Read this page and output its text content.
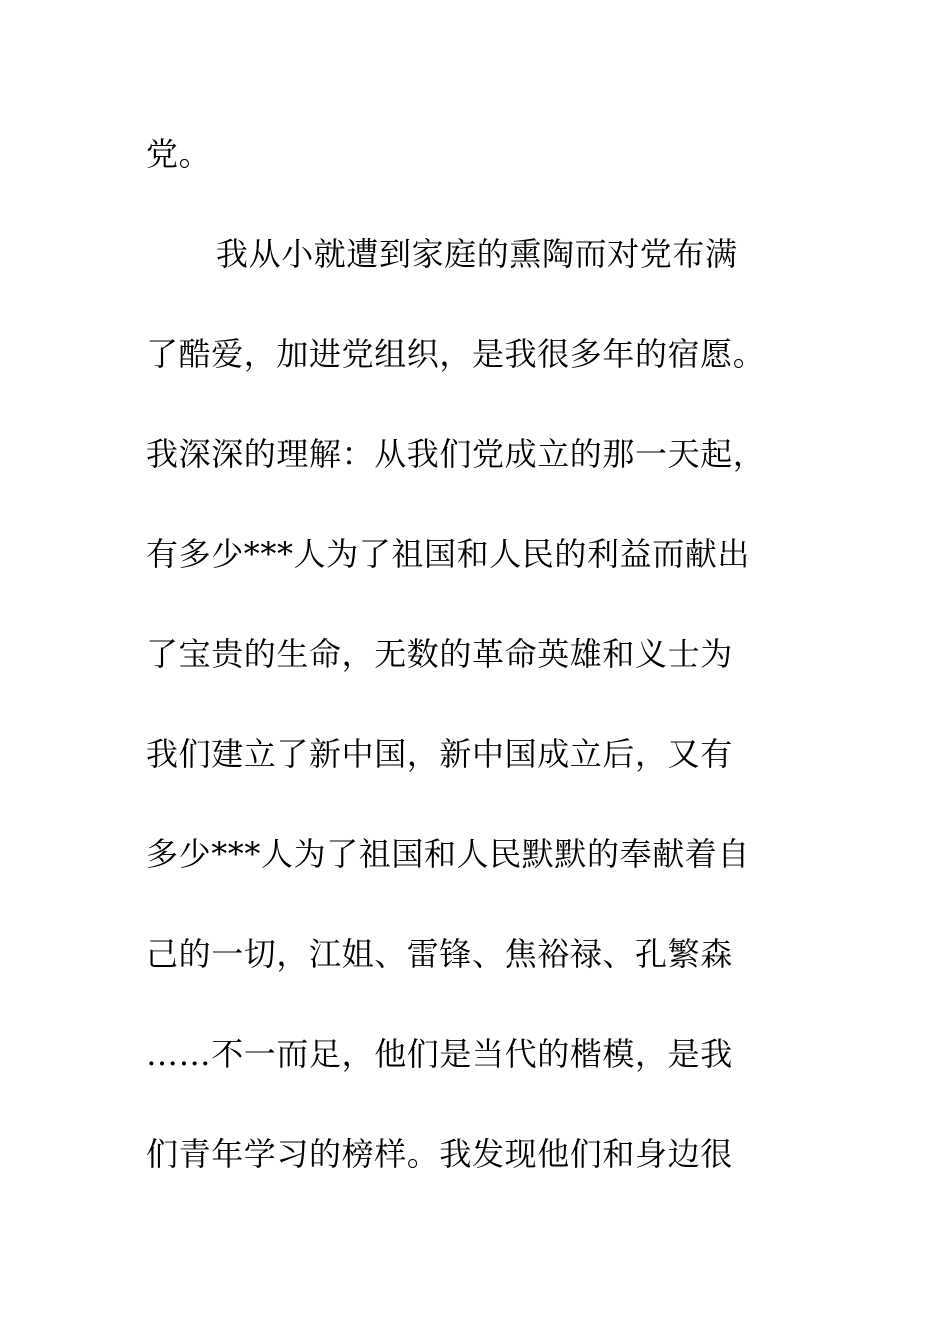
党。
我从小就遭到家庭的熏陶而对党布满
了酷爱，加进党组织，是我很多年的宿愿。
我深深的理解：从我们党成立的那一天起，
有多少***人为了祖国和人民的利益而献出
了宝贵的生命，无数的革命英雄和义士为
我们建立了新中国，新中国成立后，又有
多少***人为了祖国和人民默默的奉献着自
己的一切，江姐、雷锋、焦裕禄、孔繁森
……不一而足，他们是当代的楷模，是我
们青年学习的榜样。我发现他们和身边很
